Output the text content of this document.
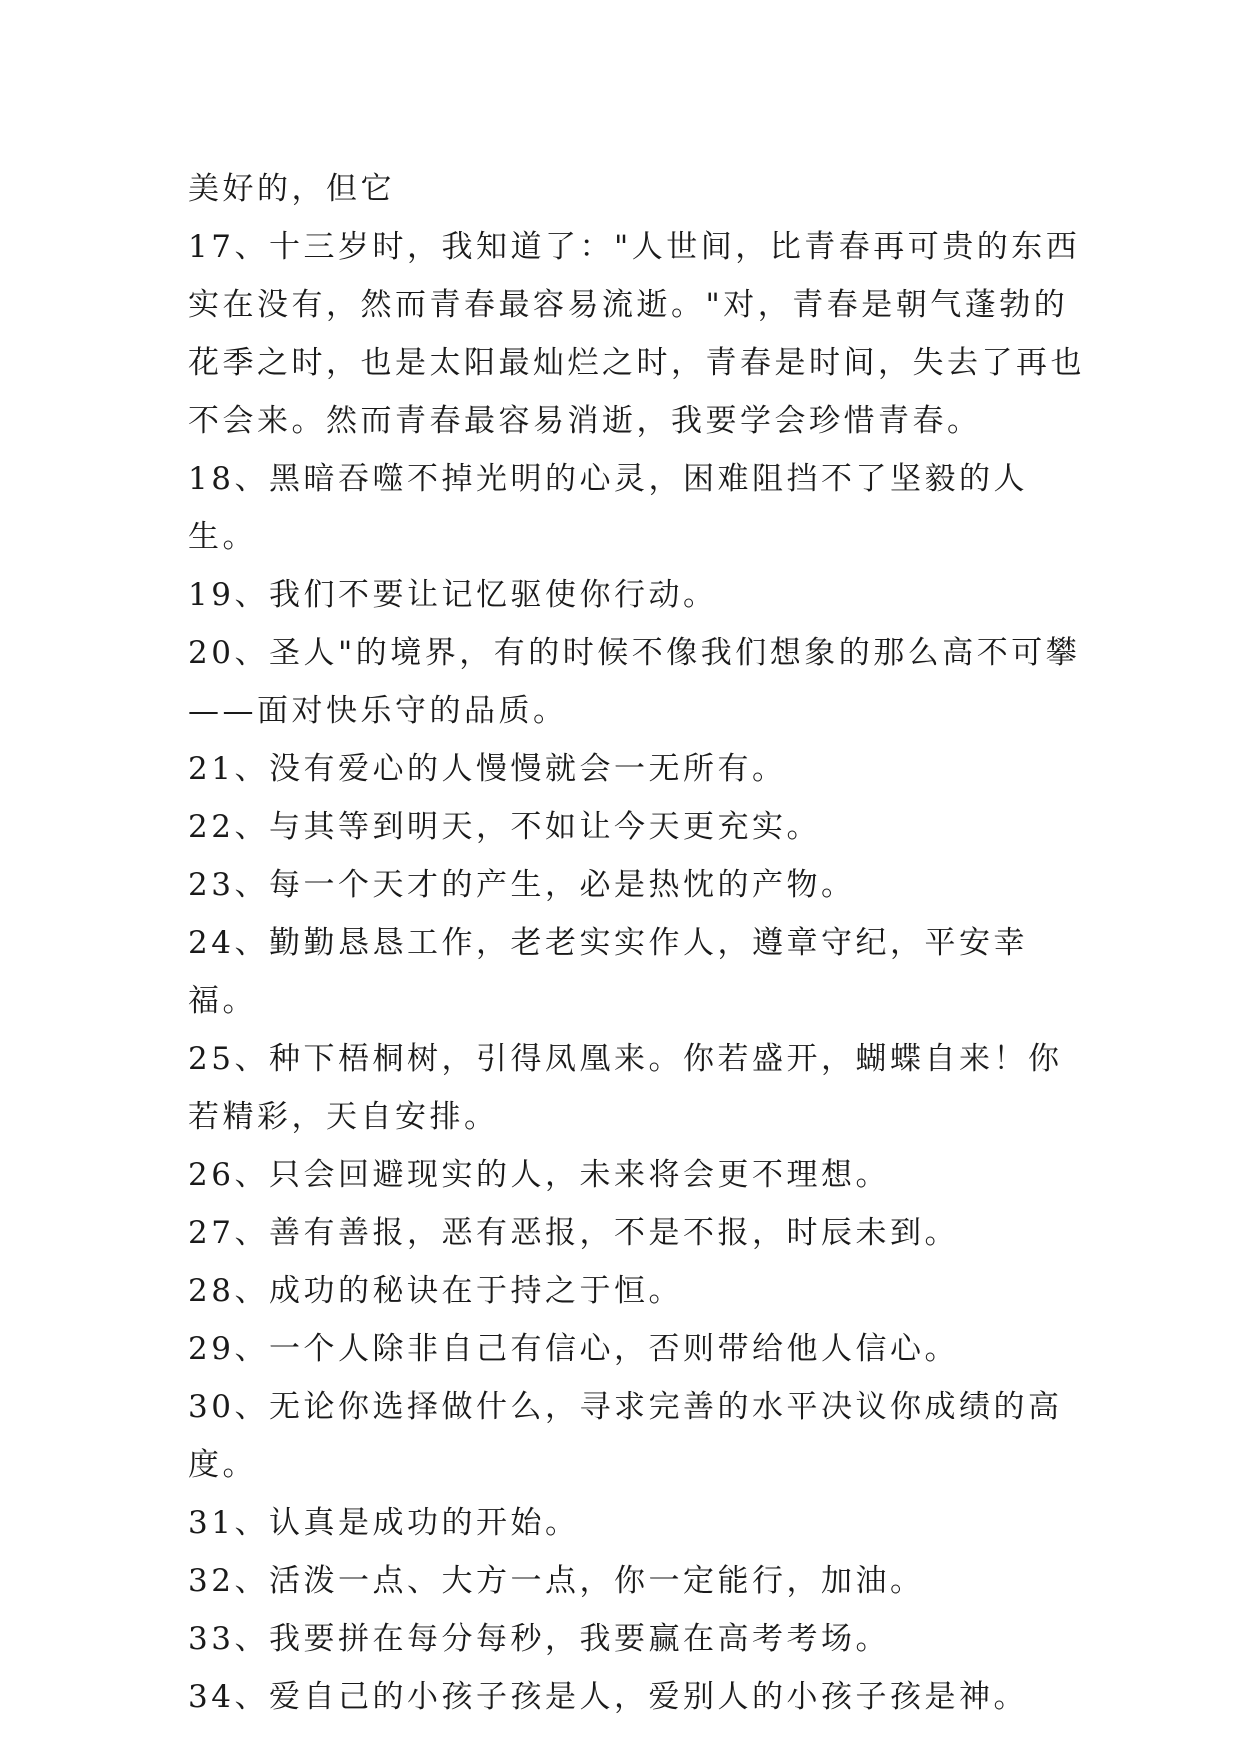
美好的，但它

17、十三岁时，我知道了："人世间，比青春再可贵的东西实在没有，然而青春最容易流逝。"对，青春是朝气蓬勃的花季之时，也是太阳最灿烂之时，青春是时间，失去了再也不会来。然而青春最容易消逝，我要学会珍惜青春。

18、黑暗吞噬不掉光明的心灵，困难阻挡不了坚毅的人生。

19、我们不要让记忆驱使你行动。

20、圣人"的境界，有的时候不像我们想象的那么高不可攀——面对快乐守的品质。

21、没有爱心的人慢慢就会一无所有。

22、与其等到明天，不如让今天更充实。

23、每一个天才的产生，必是热忱的产物。

24、勤勤恳恳工作，老老实实作人，遵章守纪，平安幸福。

25、种下梧桐树，引得凤凰来。你若盛开，蝴蝶自来！你若精彩，天自安排。

26、只会回避现实的人，未来将会更不理想。

27、善有善报，恶有恶报，不是不报，时辰未到。

28、成功的秘诀在于持之于恒。

29、一个人除非自己有信心，否则带给他人信心。

30、无论你选择做什么，寻求完善的水平决议你成绩的高度。

31、认真是成功的开始。

32、活泼一点、大方一点，你一定能行，加油。

33、我要拼在每分每秒，我要赢在高考考场。

34、爱自己的小孩子孩是人，爱别人的小孩子孩是神。
